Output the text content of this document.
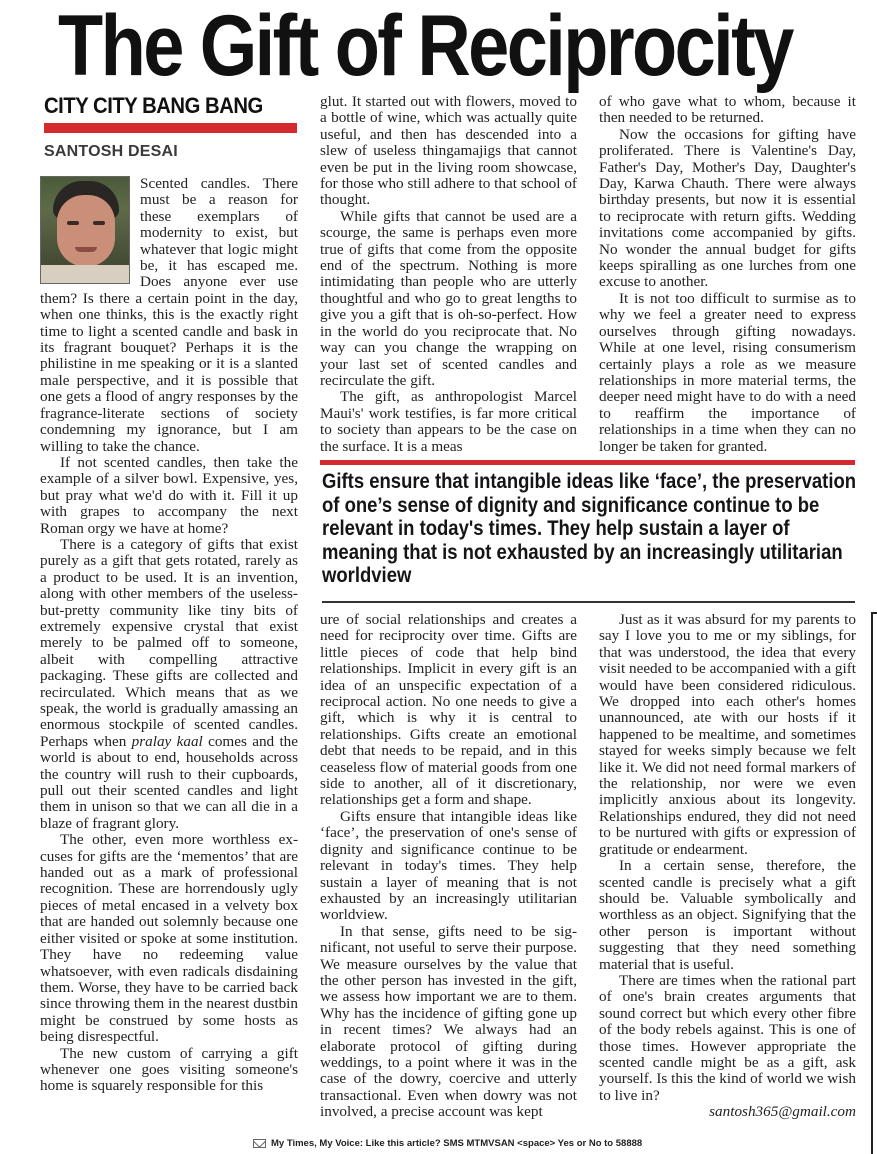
The Gift of Reciprocity
CITY CITY BANG BANG
SANTOSH DESAI

Scented candles. There must be a reason for these exemplars of modernity to exist, but whatever that logic might be, it has escaped me. Does anyone ever use them? Is there a certain point in the day, when one thinks, this is the exactly right time to light a scented candle and bask in its fragrant bouquet? Perhaps it is the philistine in me speaking or it is a slanted male perspective, and it is possible that one gets a flood of angry responses by the fragrance-literate sections of society condemning my ignorance, but I am willing to take the chance.

If not scented candles, then take the example of a silver bowl. Expensive, yes, but pray what we'd do with it. Fill it up with grapes to accompany the next Roman orgy we have at home?

There is a category of gifts that exist purely as a gift that gets rotated, rarely as a product to be used. It is an invention, along with other members of the useless-but-pretty community like tiny bits of extremely expensive crystal that exist merely to be palmed off to someone, albeit with compelling attractive packaging. These gifts are collected and recirculated. Which means that as we speak, the world is gradually amassing an enormous stockpile of scented candles. Perhaps when pralay kaal comes and the world is about to end, households across the country will rush to their cupboards, pull out their scented candles and light them in unison so that we can all die in a blaze of fragrant glory.

The other, even more worthless excuses for gifts are the ‘mementos’ that are handed out as a mark of professional recognition. These are horrendously ugly pieces of metal encased in a velvety box that are handed out solemnly because one either visited or spoke at some institution. They have no redeeming value whatsoever, with even radicals disdaining them. Worse, they have to be carried back since throwing them in the nearest dustbin might be construed by some hosts as being disrespectful.

The new custom of carrying a gift whenever one goes visiting someone's home is squarely responsible for this

glut. It started out with flowers, moved to a bottle of wine, which was actually quite useful, and then has descended into a slew of useless thingamajigs that cannot even be put in the living room showcase, for those who still adhere to that school of thought.

While gifts that cannot be used are a scourge, the same is perhaps even more true of gifts that come from the opposite end of the spectrum. Nothing is more intimidating than people who are utterly thoughtful and who go to great lengths to give you a gift that is oh-so-perfect. How in the world do you reciprocate that. No way can you change the wrapping on your last set of scented candles and recirculate the gift.

The gift, as anthropologist Marcel Maui's' work testifies, is far more critical to society than appears to be the case on the surface. It is a meas

of who gave what to whom, because it then needed to be returned.

Now the occasions for gifting have proliferated. There is Valentine's Day, Father's Day, Mother's Day, Daughter's Day, Karwa Chauth. There were always birthday presents, but now it is essential to reciprocate with return gifts. Wedding invitations come accompanied by gifts. No wonder the annual budget for gifts keeps spiralling as one lurches from one excuse to another.

It is not too difficult to surmise as to why we feel a greater need to express ourselves through gifting nowadays. While at one level, rising consumerism certainly plays a role as we measure relationships in more material terms, the deeper need might have to do with a need to reaffirm the importance of relationships in a time when they can no longer be taken for granted.

Gifts ensure that intangible ideas like ‘face’, the preservation of one’s sense of dignity and significance continue to be relevant in today's times. They help sustain a layer of meaning that is not exhausted by an increasingly utilitarian worldview

ure of social relationships and creates a need for reciprocity over time. Gifts are little pieces of code that help bind relationships. Implicit in every gift is an idea of an unspecific expectation of a reciprocal action. No one needs to give a gift, which is why it is central to relationships. Gifts create an emotional debt that needs to be repaid, and in this ceaseless flow of material goods from one side to another, all of it discretionary, relationships get a form and shape.

Gifts ensure that intangible ideas like ‘face’, the preservation of one's sense of dignity and significance continue to be relevant in today's times. They help sustain a layer of meaning that is not exhausted by an increasingly utilitarian worldview.

In that sense, gifts need to be significant, not useful to serve their purpose. We measure ourselves by the value that the other person has invested in the gift, we assess how important we are to them. Why has the incidence of gifting gone up in recent times? We always had an elaborate protocol of gifting during weddings, to a point where it was in the case of the dowry, coercive and utterly transactional. Even when dowry was not involved, a precise account was kept

Just as it was absurd for my parents to say I love you to me or my siblings, for that was understood, the idea that every visit needed to be accompanied with a gift would have been considered ridiculous. We dropped into each other's homes unannounced, ate with our hosts if it happened to be mealtime, and sometimes stayed for weeks simply because we felt like it. We did not need formal markers of the relationship, nor were we even implicitly anxious about its longevity. Relationships endured, they did not need to be nurtured with gifts or expression of gratitude or endearment.

In a certain sense, therefore, the scented candle is precisely what a gift should be. Valuable symbolically and worthless as an object. Signifying that the other person is important without suggesting that they need something material that is useful.

There are times when the rational part of one's brain creates arguments that sound correct but which every other fibre of the body rebels against. This is one of those times. However appropriate the scented candle might be as a gift, ask yourself. Is this the kind of world we wish to live in?

santosh365@gmail.com
My Times, My Voice: Like this article? SMS MTMVSAN <space> Yes or No to 58888
